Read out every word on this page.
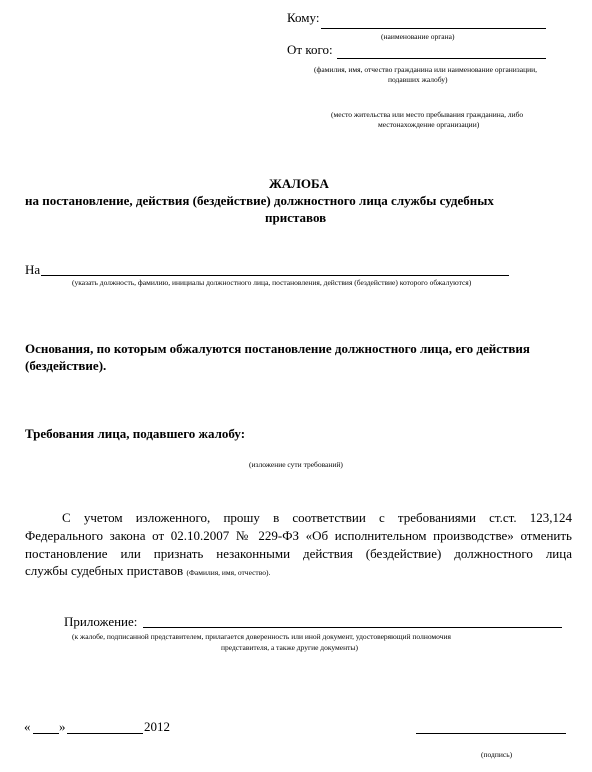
Кому:
(наименование органа)
От кого:
(фамилия, имя, отчество гражданина или наименование организации,
подавших жалобу)
(место жительства или место пребывания гражданина, либо
местонахождение организации)
ЖАЛОБА
на постановление, действия (бездействие) должностного лица службы судебных
приставов
На
(указать должность, фамилию, инициалы должностного лица, постановления, действия (бездействие) которого обжалуются)
Основания, по которым обжалуются постановление должностного лица, его действия
(бездействие).
Требования лица, подавшего жалобу:
(изложение сути требований)
С учетом изложенного, прошу в соответствии с требованиями ст.ст. 123,124
Федерального закона от 02.10.2007 № 229-ФЗ «Об исполнительном производстве» отменить
постановление или признать незаконными действия (бездействие) должностного лица
службы судебных приставов (Фамилия, имя, отчество).
Приложение:
(к жалобе, подписанной представителем, прилагается доверенность или иной документ, удостоверяющий полномочия
представителя, а также другие документы)
« »	2012
(подпись)
